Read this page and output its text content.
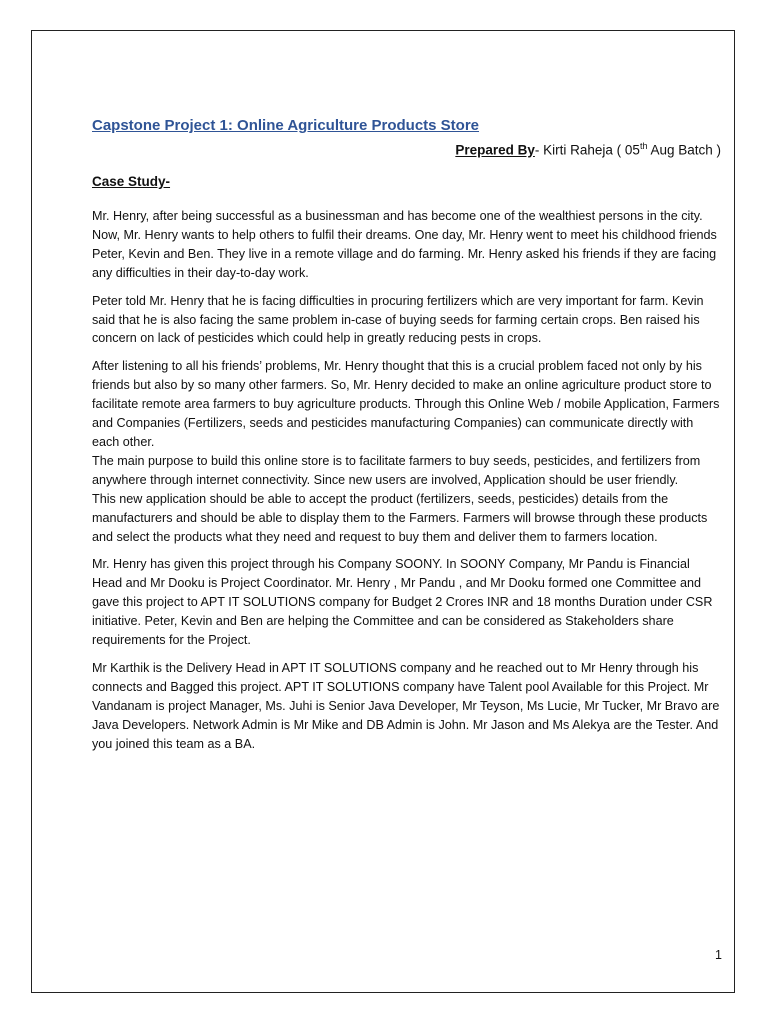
Capstone Project 1: Online Agriculture Products Store
Prepared By- Kirti Raheja ( 05th Aug Batch )
Case Study-

Mr. Henry, after being successful as a businessman and has become one of the wealthiest persons in the city. Now, Mr. Henry wants to help others to fulfil their dreams. One day, Mr. Henry went to meet his childhood friends Peter, Kevin and Ben. They live in a remote village and do farming. Mr. Henry asked his friends if they are facing any difficulties in their day-to-day work.

Peter told Mr. Henry that he is facing difficulties in procuring fertilizers which are very important for farm. Kevin said that he is also facing the same problem in-case of buying seeds for farming certain crops. Ben raised his concern on lack of pesticides which could help in greatly reducing pests in crops.

After listening to all his friends’ problems, Mr. Henry thought that this is a crucial problem faced not only by his friends but also by so many other farmers. So, Mr. Henry decided to make an online agriculture product store to facilitate remote area farmers to buy agriculture products. Through this Online Web / mobile Application, Farmers and Companies (Fertilizers, seeds and pesticides manufacturing Companies) can communicate directly with each other.

The main purpose to build this online store is to facilitate farmers to buy seeds, pesticides, and fertilizers from anywhere through internet connectivity. Since new users are involved, Application should be user friendly.

This new application should be able to accept the product (fertilizers, seeds, pesticides) details from the manufacturers and should be able to display them to the Farmers. Farmers will browse through these products and select the products what they need and request to buy them and deliver them to farmers location.

Mr. Henry has given this project through his Company SOONY. In SOONY Company, Mr Pandu is Financial Head and Mr Dooku is Project Coordinator. Mr. Henry , Mr Pandu , and Mr Dooku formed one Committee and gave this project to APT IT SOLUTIONS company for Budget 2 Crores INR and 18 months Duration under CSR initiative. Peter, Kevin and Ben are helping the Committee and can be considered as Stakeholders share requirements for the Project.

Mr Karthik is the Delivery Head in APT IT SOLUTIONS company and he reached out to Mr Henry through his connects and Bagged this project. APT IT SOLUTIONS company have Talent pool Available for this Project. Mr Vandanam is project Manager, Ms. Juhi is Senior Java Developer, Mr Teyson, Ms Lucie, Mr Tucker, Mr Bravo are Java Developers. Network Admin is Mr Mike and DB Admin is John. Mr Jason and Ms Alekya are the Tester. And you joined this team as a BA.

1
